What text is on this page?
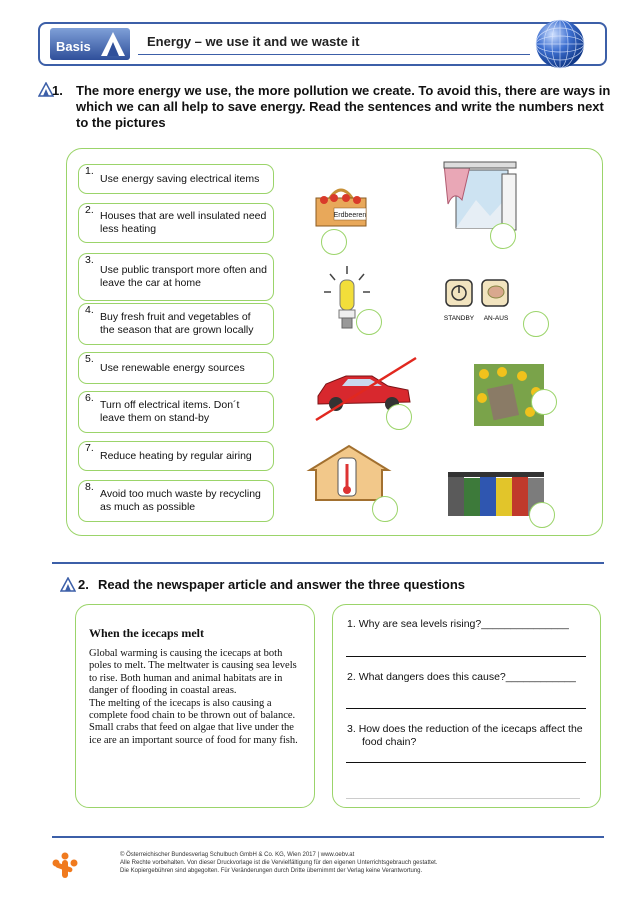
Basis	Energy – we use it and we waste it
1. The more energy we use, the more pollution we create. To avoid this, there are ways in which we can all help to save energy. Read the sentences and write the numbers next to the pictures
1.
Use energy saving electrical items
2. Houses that are well insulated need less heating
3.
Use public transport more often and leave the car at home
4.
Buy fresh fruit and vegetables of the season that are grown locally
5.
Use renewable energy sources
6.
Turn off electrical items. Don´t leave them on stand-by
7.
Reduce heating by regular airing
8.
Avoid too much waste by recycling as much as possible
Erdbeeren
STANDBY AN-AUS
2. Read the newspaper article and answer the three questions
When the icecaps melt
Global warming is causing the icecaps at both poles to melt. The meltwater is causing sea levels to rise. Both human and animal habitats are in danger of flooding in coastal areas.
The melting of the icecaps is also causing a complete food chain to be thrown out of balance. Small crabs that feed on algae that live under the ice are an important source of food for many fish.
1. Why are sea levels rising?_______________
2. What dangers does this cause?____________
3. How does the reduction of the icecaps affect the food chain?
© Österreichischer Bundesverlag Schulbuch GmbH & Co. KG, Wien 2017 | www.oebv.at
Alle Rechte vorbehalten. Von dieser Druckvorlage ist die Vervielfältigung für den eigenen Unterrichtsgebrauch gestattet.
Die Kopiergebühren sind abgegolten. Für Veränderungen durch Dritte übernimmt der Verlag keine Verantwortung.
